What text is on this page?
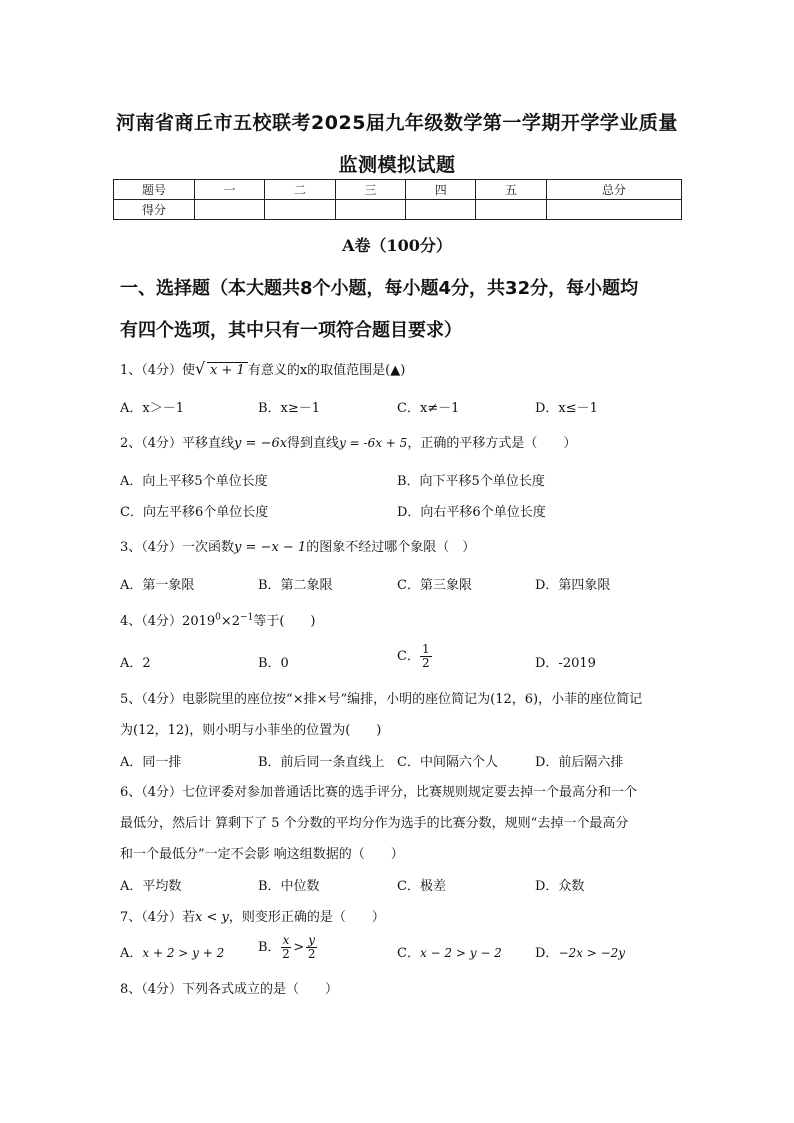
河南省商丘市五校联考2025届九年级数学第一学期开学学业质量
监测模拟试题
题号	一	二	三	四	五	总分
得分						
A卷（100分）
一、选择题（本大题共8个小题，每小题4分，共32分，每小题均
有四个选项，其中只有一项符合题目要求）
1、（4分）使 √ x + 1 有意义的x的取值范围是(▲)
A．x＞－1	B．x≥－1	C．x≠－1	D．x≤－1
2、（4分）平移直线y = −6x得到直线y = -6x + 5，正确的平移方式是（　　）
A．向上平移5个单位长度	B．向下平移5个单位长度
C．向左平移6个单位长度	D．向右平移6个单位长度
3、（4分）一次函数y = −x − 1的图象不经过哪个象限（　）
A．第一象限	B．第二象限	C．第三象限	D．第四象限
4、（4分）$2019^0\times 2^{-1}$等于(　　)
A．2	B．0	C． $\frac{1}{2}$	D．-2019
5、（4分）电影院里的座位按“×排×号”编排，小明的座位简记为(12，6)，小菲的座位简记
为(12，12)，则小明与小菲坐的位置为(　　)
A．同一排	B．前后同一条直线上 C．中间隔六个人	D．前后隔六排
6、（4分）七位评委对参加普通话比赛的选手评分，比赛规则规定要去掉一个最高分和一个
最低分，然后计 算剩下了 5 个分数的平均分作为选手的比赛分数，规则“去掉一个最高分
和一个最低分”一定不会影 响这组数据的（　　）
A．平均数	B．中位数	C．极差	D．众数
7、（4分）若x < y，则变形正确的是（　　）
A．x + 2 > y + 2	B． $\frac{x}{2} > \frac{y}{2}$	C．x − 2 > y − 2	D．−2x > −2y
8、（4分）下列各式成立的是（　　）
